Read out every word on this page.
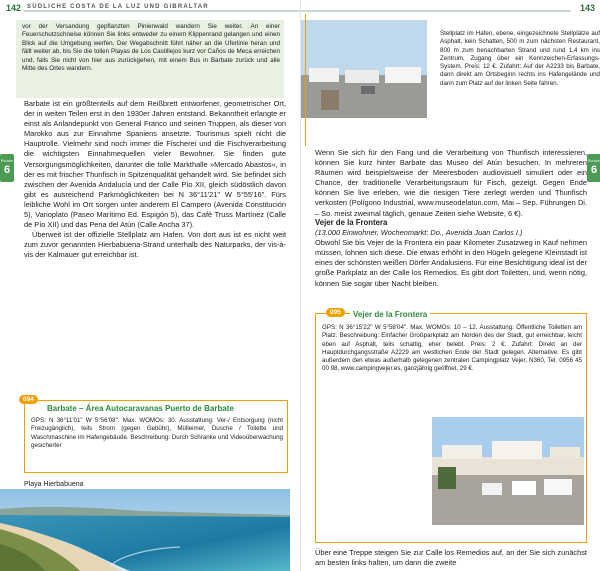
142 SÜDLICHE COSTA DE LA LUZ UND GIBRALTAR
Route
6
vor der Versandung gepflanzten Pinienwald wandern Sie weiter. An einer Feuerschutzschneise können Sie links entweder zu einem Klippenrand gelangen und einen Blick auf die Umgebung werfen. Der Wegabschnitt führt näher an die Uferlinie heran und fällt weiter ab, bis Sie die tollen Playas de Los Castillejos kurz vor Caños de Meca erreichen und, falls Sie nicht von hier aus zurückgehen, mit einem Bus in Barbate zurück und alle Mitte des Ortes wandern.

Barbate ist ein größtenteils auf dem Reißbrett entworfener, geometrischer Ort, der in weiten Teilen erst in den 1930er Jahren entstand. Bekanntheit erlangte er einst als Anlandepunkt von General Franco und seinen Truppen, als dieser von Marokko aus zur Einnahme Spaniens ansetzte. Tourismus spielt nicht die Hauptrolle. Vielmehr sind noch immer die Fischerei und die Fischverarbeitung die wichtigsten Einnahmequellen vieler Bewohner. Sie finden gute Versorgungsmöglichkeiten, darunter die tolle Markthalle »Mercado Abastos«, in der es mit frischer Thunfisch in Spitzenqualität gehandelt wird. Sie befindet sich zwischen der Avenida Andalucía und der Calle Pío XII, gleich südöstlich davon gibt es ausreichend Parkmöglichkeiten bei N 36°11'21" W 5°55'16". Fürs leibliche Wohl im Ort sorgen unter anderem El Campero (Avenida Constitución 5), Varioplato (Paseo Marítimo Ed. Espigón 5), das Café Truss Martínez (Calle de Pío XII) und das Pena del Atún (Calle Ancha 37).

Überweit ist der offizielle Stellplatz am Hafen. Von dort aus ist es nicht weit zum zuvor genannten Hierbabuena-Strand unterhalb des Naturparks, der vis-à-vis der Kalmauer gut erreichbar ist.

094
Barbate – Área Autocaravanas Puerto de Barbate
GPS: N 36°11'01" W 5°56'08". Max. WOMOs: 30. Ausstattung: Ver-/ Entsorgung (nicht Freizugänglich), teils Strom (gegen Gebühr), Mülleimer, Dusche / Toilette und Waschmaschine im Hafengebäude. Beschreibung: Durch Schranke und Videoüberwachung gesicherter
Playa Hierbabuena
143
Route
6
Stellplatz im Hafen, ebene, eingezeichnete Stellplätze auf Asphalt, kein Schatten, 500 m zum nächsten Restaurant, 800 m zum benachbarten Strand und rund 1,4 km ins Zentrum, Zugang über ein Kennzeichen-Erfassungs-System. Preis: 12 €. Zufahrt: Auf der A2233 bis Barbate, dann direkt am Ortsbeginn rechts ins Hafengelände und dann zum Platz auf der linken Seite fahren.
Wenn Sie sich für den Fang und die Verarbeitung von Thunfisch interessieren, können Sie kurz hinter Barbate das Museo del Atún besuchen. In mehreren Räumen wird beispielsweise der Meeresboden audiovisuell simuliert oder ein Chance, der traditionelle Verarbeitungsraum für Fisch, gezeigt. Gegen Ende können Sie live erleben, wie die riesigen Tiere zerlegt werden und Thunfisch verkosten (Polígono Industrial, www.museodelatun.com, Mai – Sep. Führungen Di. – So. meist zweimal täglich, genaue Zeiten siehe Website, 6 €).
Vejer de la Frontera
(13.000 Einwohner, Wochenmarkt: Do., Avenida Juan Carlos I.)
Obwohl Sie bis Vejer de la Frontera ein paar Kilometer Zusatzweg in Kauf nehmen müssen, lohnen sich diese. Die etwas erhöht in den Hügeln gelegene Kleinstadt ist eines der schönsten weißen Dörfer Andalusiens. Für eine Besichtigung ideal ist der große Parkplatz an der Calle los Remedios. Es gibt dort Toiletten, und, wenn nötig, können Sie sogar über Nacht bleiben.
095	Vejer de la Frontera
GPS: N 36°15'22" W 5°58'04". Max. WOMOs: 10 – 12. Ausstattung: Öffentliche Toiletten am Platz. Beschreibung: Einfacher Großparkplatz am Norden des der Stadt, gut erreichbar, leicht eben auf Asphalt, teils schattig, eher belebt. Preis: 2 €. Zufahrt: Direkt an der Hauptdurchgangsstraße A2229 am westlichen Ende der Stadt gelegen. Alternative: Es gibt außerdem den etwas außerhalb gelegenen zentralen Campingplatz Vejer, N360, Tel. 0956 45 00 98, www.campingvejer.es, ganzjährig geöffnet, 29 €.
Über eine Treppe steigen Sie zur Calle los Remedios auf, an der Sie sich zunächst am besten links halten, um dann die zweite
